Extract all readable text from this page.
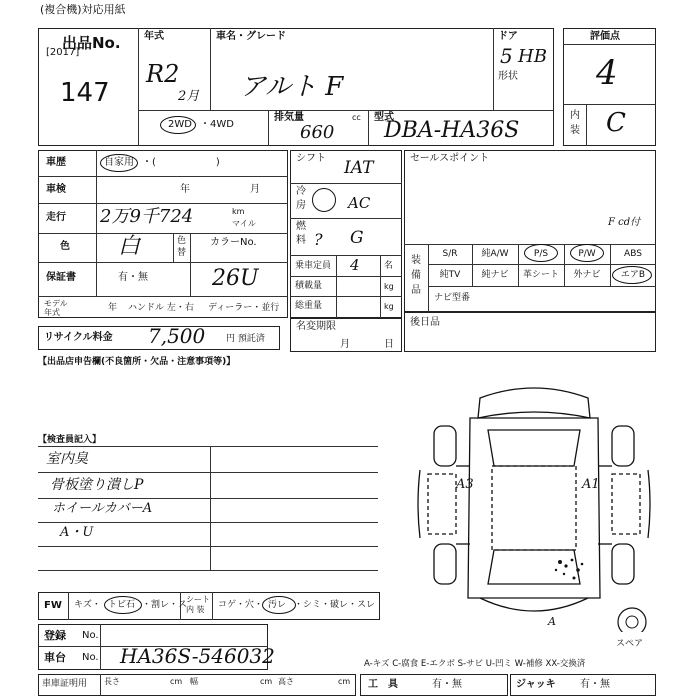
(複合機)対応用紙
出品No.
[2017]
147
年式
R2
2月
車名・グレード
アルト F
ドア
5 HB
形状
2WD ・4WD
排気量	cc
660
型式
DBA-HA36S
評価点
4
内
装 C
車歴	自家用 ・(　　　　　　)
車検	年	月
走行 2万9千724	km
マイル
色 白	色
替
カラーNo.
26U
保証書	有・無
モデル
年式	年 ハンドル 左・右 ディーラー・並行
リサイクル料金 7,500 円 預託済
シフト IAT
冷
房	AC
燃
料 ? G
乗車定員 4	名
積載量	kg
総重量	kg
名変期限
月	日
セールスポイント
F cd付
装
備
品
S/R	純A/W	P/S	P/W	ABS
純TV	純ナビ	革シート	外ナビ	エアB
ナビ型番
後日品
【出品店申告欄(不良箇所・欠品・注意事項等)】
【検査員記入】
室内臭
骨板塗り潰しP
ホイールカバーA
A・U
A3	A1
A
スペア
FW キズ・ トビ石 ・割レ・ス
シート
内 装 コゲ・穴・ 汚レ ・シミ・破レ・スレ
登録 No.
車台 No. HA36S-546032	A-キズ C-腐食 E-エクボ S-サビ U-凹ミ W-補修 XX-交換済
車庫証明用 長さ	cm 幅	cm 高さ	cm 工　具	有・無	ジャッキ 有・無
